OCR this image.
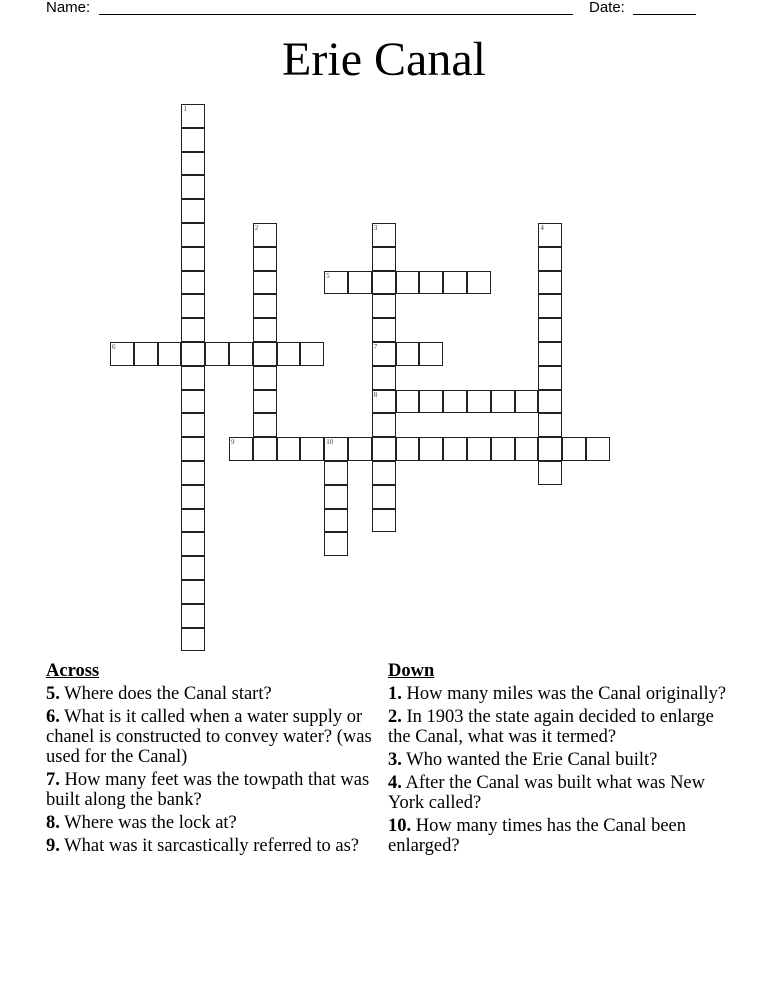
Name:	Date:
Erie Canal
1
2	3
7
8
4
5
6
9	10
Across
5. Where does the Canal start?
6. What is it called when a water supply or chanel is constructed to convey water? (was used for the Canal)
7. How many feet was the towpath that was built along the bank?
8. Where was the lock at?
9. What was it sarcastically referred to as?
Down
1. How many miles was the Canal originally?
2. In 1903 the state again decided to enlarge the Canal, what was it termed?
3. Who wanted the Erie Canal built?
4. After the Canal was built what was New York called?
10. How many times has the Canal been enlarged?
